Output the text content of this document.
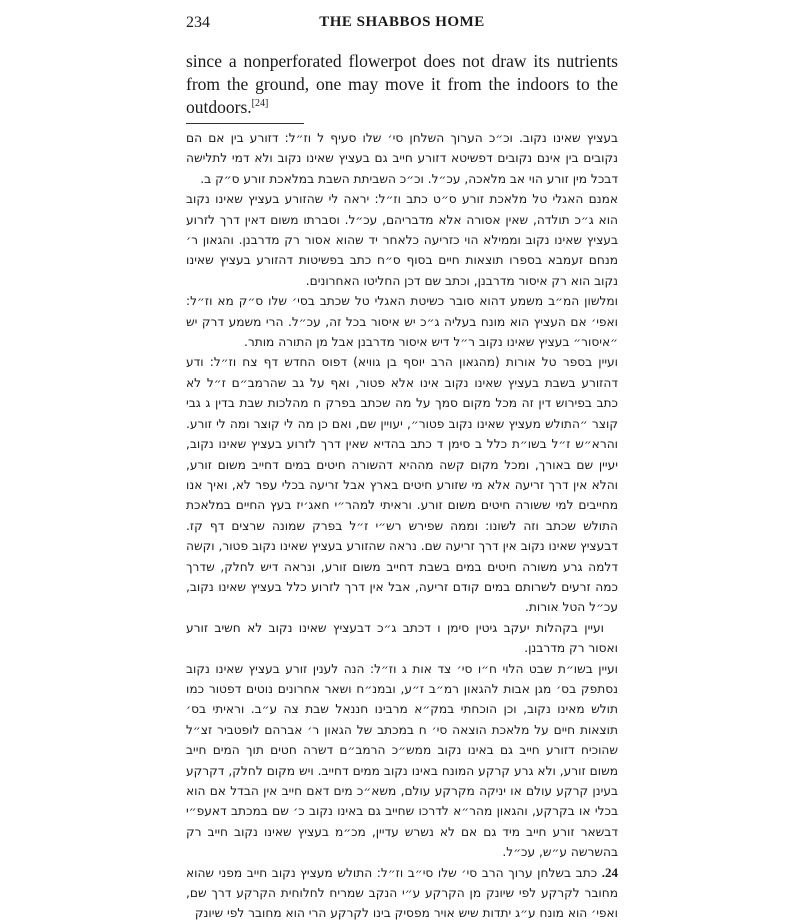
234	THE SHABBOS HOME

since a nonperforated flowerpot does not draw its nutrients from the ground, one may move it from the indoors to the outdoors.[24]

בעציץ שאינו נקוב. וכ״כ הערוך השלחן סי׳ שלו סעיף ל וז״ל: דזורע בין אם הם נקובים בין אינם נקובים דפשיטא דזורע חייב גם בעציץ שאינו נקוב ולא דמי לתלישה דבכל מין זורע הוי אב מלאכה, עכ״ל. וכ״כ השביתת השבת במלאכת זורע ס״ק ב.

אמנם האגלי טל מלאכת זורע ס״ט כתב וז״ל: יראה לי שהזורע בעציץ שאינו נקוב הוא ג״כ תולדה, שאין אסורה אלא מדבריהם, עכ״ל. וסברתו משום דאין דרך לזרוע בעציץ שאינו נקוב וממילא הוי כזריעה כלאחר יד שהוא אסור רק מדרבנן. והגאון ר׳ מנחם זעמבא בספרו תוצאות חיים בסוף ס״ח כתב בפשיטות דהזורע בעציץ שאינו נקוב הוא רק איסור מדרבנן, וכתב שם דכן החליטו האחרונים.

ומלשון המ״ב משמע דהוא סובר כשיטת האגלי טל שכתב בסי׳ שלו ס״ק מא וז״ל: ואפי׳ אם העציץ הוא מונח בעליה ג״כ יש איסור בכל זה, עכ״ל. הרי משמע דרק יש ״איסור״ בעציץ שאינו נקוב ר״ל דיש איסור מדרבנן אבל מן התורה מותר.

ועיין בספר טל אורות (מהגאון הרב יוסף בן גוויא) דפוס החדש דף צח וז״ל: ודע דהזורע בשבת בעציץ שאינו נקוב אינו אלא פטור, ואף על גב שהרמב״ם ז״ל לא כתב בפירוש דין זה מכל מקום סמך על מה שכתב בפרק ח מהלכות שבת בדין ג גבי קוצר ״התולש מעציץ שאינו נקוב פטור״, יעויין שם, ואם כן מה לי קוצר ומה לי זורע. והרא״ש ז״ל בשו״ת כלל ב סימן ד כתב בהדיא שאין דרך לזרוע בעציץ שאינו נקוב, יעיין שם באורך, ומכל מקום קשה מההיא דהשורה חיטים במים דחייב משום זורע, והלא אין דרך זריעה אלא מי שזורע חיטים בארץ אבל זריעה בכלי עפר לא, ואיך אנו מחייבים למי ששורה חיטים משום זורע. וראיתי למהר״י חאג׳יז בעץ החיים במלאכת התולש שכתב וזה לשונו: וממה שפירש רש״י ז״ל בפרק שמונה שרצים דף קז. דבעציץ שאינו נקוב אין דרך זריעה שם. נראה שהזורע בעציץ שאינו נקוב פטור, וקשה דלמה גרע משורה חיטים במים בשבת דחייב משום זורע, ונראה דיש לחלק, שדרך כמה זרעים לשרותם במים קודם זריעה, אבל אין דרך לזרוע כלל בעציץ שאינו נקוב, עכ״ל הטל אורות.

ועיין בקהלות יעקב גיטין סימן ו דכתב ג״כ דבעציץ שאינו נקוב לא חשיב זורע ואסור רק מדרבנן.

ועיין בשו״ת שבט הלוי ח״ו סי׳ צד אות ג וז״ל: הנה לענין זורע בעציץ שאינו נקוב נסתפק בס׳ מגן אבות להגאון רמ״ב ז״ע, ובמנ״ח ושאר אחרונים נוטים דפטור כמו תולש מאינו נקוב, וכן הוכחתי במק״א מרבינו חננאל שבת צה ע״ב. וראיתי בס׳ תוצאות חיים על מלאכת הוצאה סי׳ ח במכתב של הגאון ר׳ אברהם לופטביר זצ״ל שהוכיח דזורע חייב גם באינו נקוב ממש״כ הרמב״ם דשרה חטים תוך המים חייב משום זורע, ולא גרע קרקע המונח באינו נקוב ממים דחייב. ויש מקום לחלק, דקרקע בעינן קרקע עולם או יניקה מקרקע עולם, משא״כ מים דאם חייב אין הבדל אם הוא בכלי או בקרקע, והגאון מהר״א לדרכו שחייב גם באינו נקוב כ׳ שם במכתב דאעפ״י דבשאר זורע חייב מיד גם אם לא נשרש עדיין, מכ״מ בעציץ שאינו נקוב חייב רק בהשרשה ע״ש, עכ״ל.

24. כתב בשלחן ערוך הרב סי׳ שלו סי״ב וז״ל: התולש מעציץ נקוב חייב מפני שהוא מחובר לקרקע לפי שיונק מן הקרקע ע״י הנקב שמריח לחלוחית הקרקע דרך שם, ואפי׳ הוא מונח ע״ג יתדות שיש אויר מפסיק בינו לקרקע הרי הוא מחובר לפי שיונק
